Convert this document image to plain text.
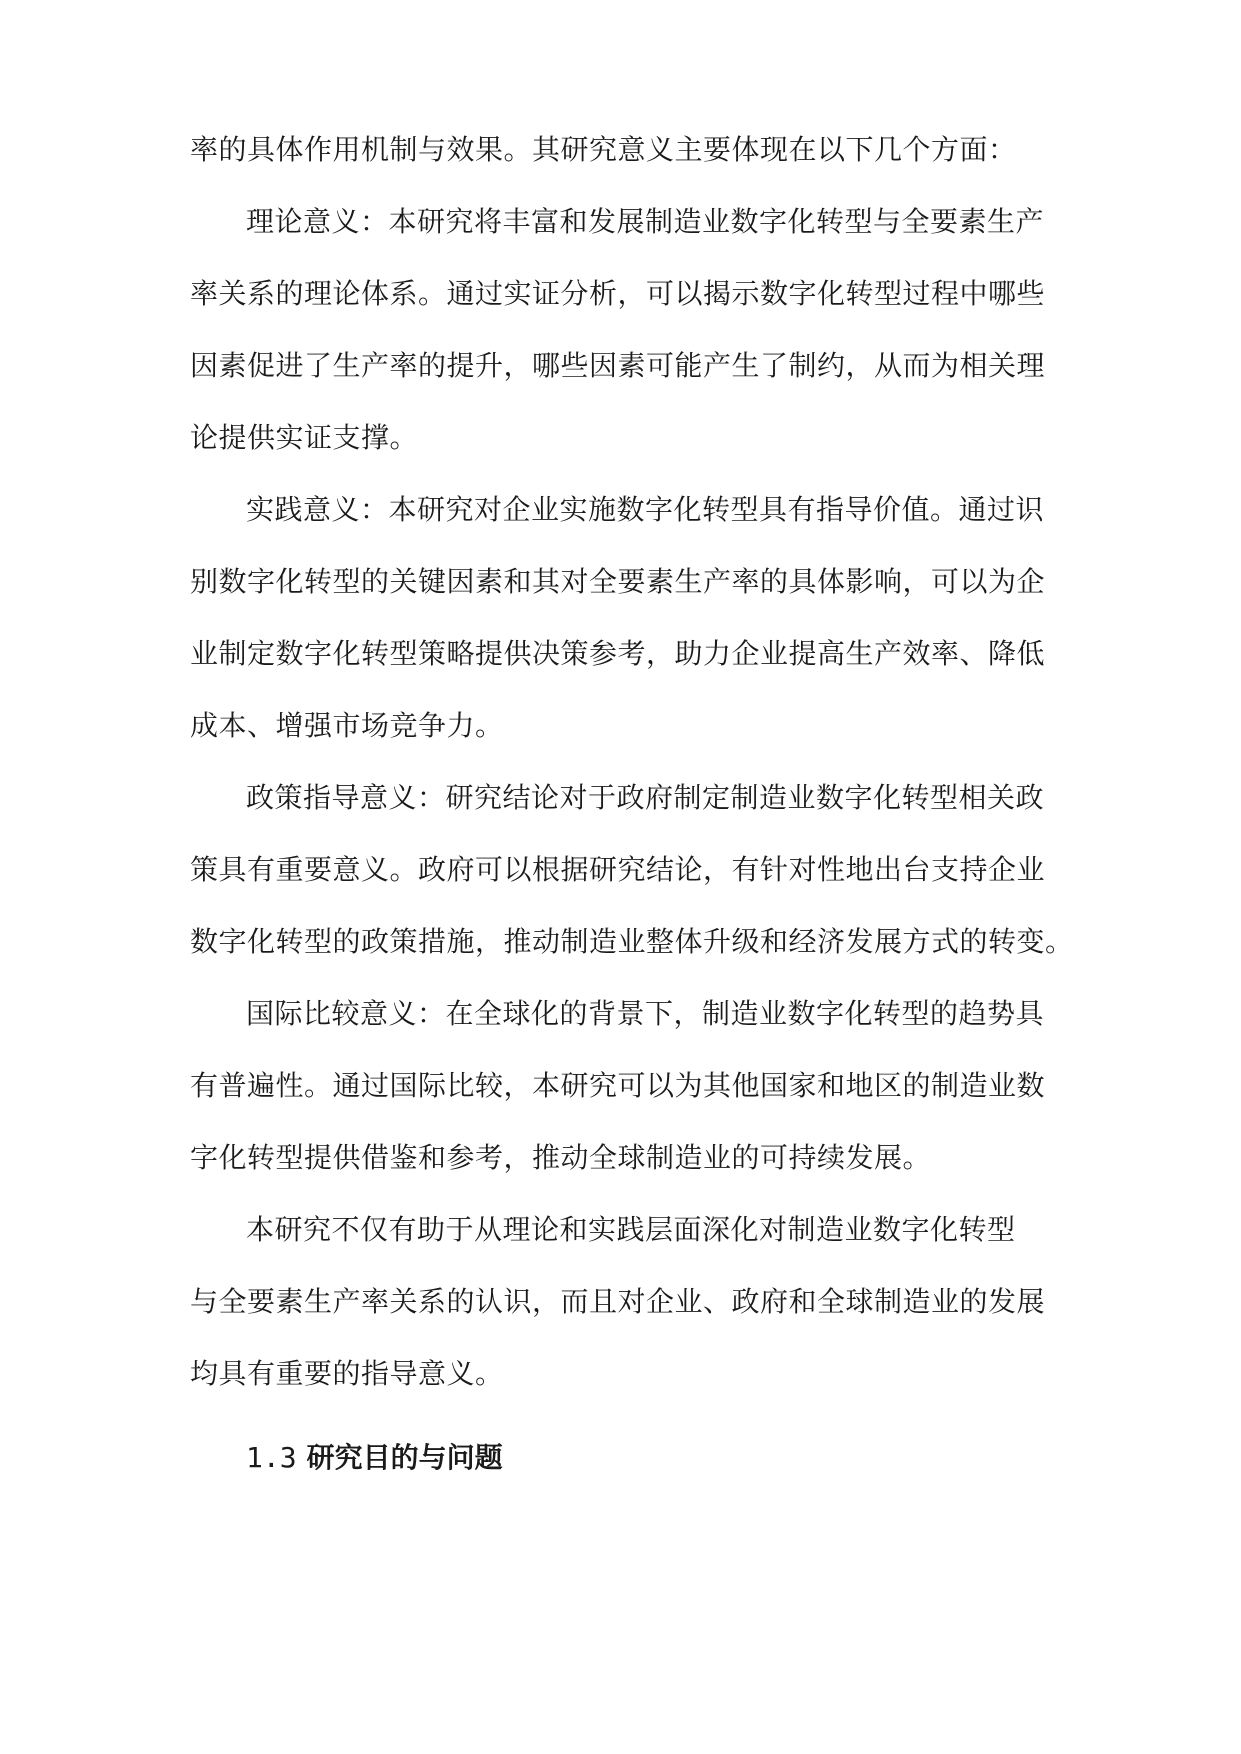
率的具体作用机制与效果。其研究意义主要体现在以下几个方面：
理论意义：本研究将丰富和发展制造业数字化转型与全要素生产
率关系的理论体系。通过实证分析，可以揭示数字化转型过程中哪些
因素促进了生产率的提升，哪些因素可能产生了制约，从而为相关理
论提供实证支撑。
实践意义：本研究对企业实施数字化转型具有指导价值。通过识
别数字化转型的关键因素和其对全要素生产率的具体影响，可以为企
业制定数字化转型策略提供决策参考，助力企业提高生产效率、降低
成本、增强市场竞争力。
政策指导意义：研究结论对于政府制定制造业数字化转型相关政
策具有重要意义。政府可以根据研究结论，有针对性地出台支持企业
数字化转型的政策措施，推动制造业整体升级和经济发展方式的转变。
国际比较意义：在全球化的背景下，制造业数字化转型的趋势具
有普遍性。通过国际比较，本研究可以为其他国家和地区的制造业数
字化转型提供借鉴和参考，推动全球制造业的可持续发展。
本研究不仅有助于从理论和实践层面深化对制造业数字化转型
与全要素生产率关系的认识，而且对企业、政府和全球制造业的发展
均具有重要的指导意义。
1.3 研究目的与问题
